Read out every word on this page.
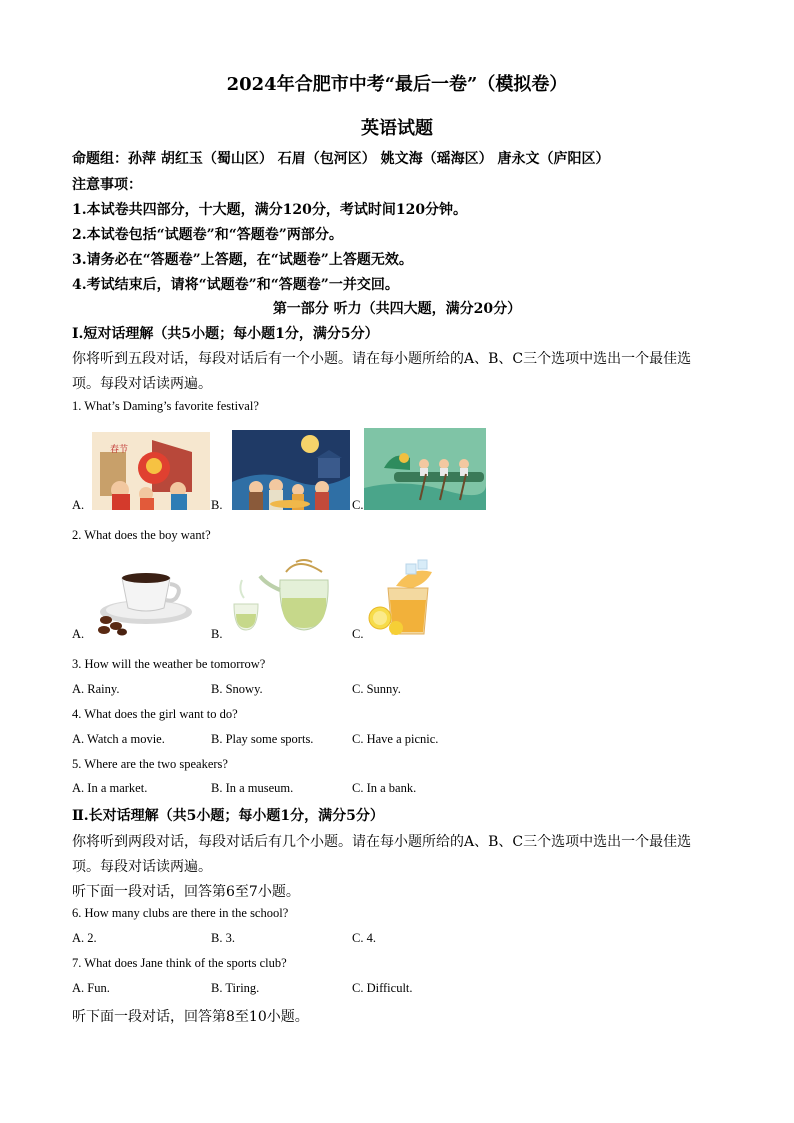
2024年合肥市中考“最后一卷”（模拟卷）
英语试题
命题组：孙萍 胡红玉（蜀山区） 石眉（包河区） 姚文海（瑶海区） 唐永文（庐阳区）
注意事项：
1.本试卷共四部分，十大题，满分120分，考试时间120分钟。
2.本试卷包括“试题卷”和“答题卷”两部分。
3.请务必在“答题卷”上答题，在“试题卷”上答题无效。
4.考试结束后，请将“试题卷”和“答题卷”一并交回。
第一部分 听力（共四大题，满分20分）
Ⅰ.短对话理解（共5小题；每小题1分，满分5分）
你将听到五段对话，每段对话后有一个小题。请在每小题所给的A、B、C三个选项中选出一个最佳选
项。每段对话读两遍。
1. What’s Daming’s favorite festival?
春节
A.	B.	C.
2. What does the boy want?
A.	B.	C.
3. How will the weather be tomorrow?
A. Rainy.	B. Snowy.	C. Sunny.
4. What does the girl want to do?
A. Watch a movie.	B. Play some sports.	C. Have a picnic.
5. Where are the two speakers?
A. In a market.	B. In a museum.	C. In a bank.
Ⅱ.长对话理解（共5小题；每小题1分，满分5分）
你将听到两段对话，每段对话后有几个小题。请在每小题所给的A、B、C三个选项中选出一个最佳选
项。每段对话读两遍。
听下面一段对话，回答第6至7小题。
6. How many clubs are there in the school?
A. 2.	B. 3.	C. 4.
7. What does Jane think of the sports club?
A. Fun.	B. Tiring.	C. Difficult.
听下面一段对话，回答第8至10小题。
